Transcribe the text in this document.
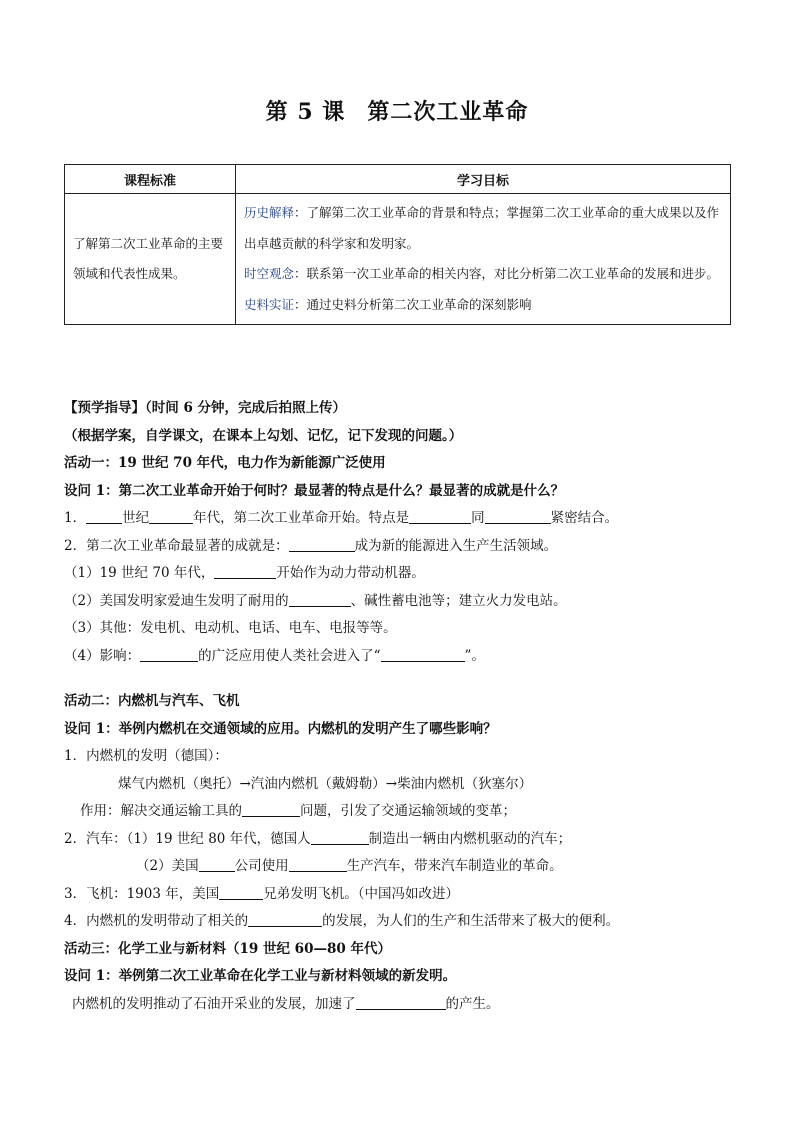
第 5 课 第二次工业革命
课程标准	学习目标
了解第二次工业革命的主要领域和代表性成果。	历史解释：了解第二次工业革命的背景和特点；掌握第二次工业革命的重大成果以及作出卓越贡献的科学家和发明家。
时空观念：联系第一次工业革命的相关内容，对比分析第二次工业革命的发展和进步。
史料实证：通过史料分析第二次工业革命的深刻影响
【预学指导】（时间 6 分钟，完成后拍照上传）
（根据学案，自学课文，在课本上勾划、记忆，记下发现的问题。）
活动一：19 世纪 70 年代，电力作为新能源广泛使用
设问 1：第二次工业革命开始于何时？最显著的特点是什么？最显著的成就是什么？
1．	世纪	年代，第二次工业革命开始。特点是	同	紧密结合。
2．第二次工业革命最显著的成就是：	成为新的能源进入生产生活领域。
（1）19 世纪 70 年代，	开始作为动力带动机器。
（2）美国发明家爱迪生发明了耐用的	、碱性蓄电池等；建立火力发电站。
（3）其他：发电机、电动机、电话、电车、电报等等。
（4）影响：	的广泛应用使人类社会进入了“	”。
活动二：内燃机与汽车、飞机
设问 1：举例内燃机在交通领域的应用。内燃机的发明产生了哪些影响？
1．内燃机的发明（德国）：
煤气内燃机（奥托）→汽油内燃机（戴姆勒）→柴油内燃机（狄塞尔）
作用：解决交通运输工具的	问题，引发了交通运输领域的变革；
2．汽车：（1）19 世纪 80 年代，德国人	制造出一辆由内燃机驱动的汽车；
（2）美国	公司使用	生产汽车，带来汽车制造业的革命。
3．飞机：1903 年，美国	兄弟发明飞机。（中国冯如改进）
4．内燃机的发明带动了相关的	的发展，为人们的生产和生活带来了极大的便利。
活动三：化学工业与新材料（19 世纪 60—80 年代）
设问 1：举例第二次工业革命在化学工业与新材料领域的新发明。
内燃机的发明推动了石油开采业的发展，加速了	的产生。
